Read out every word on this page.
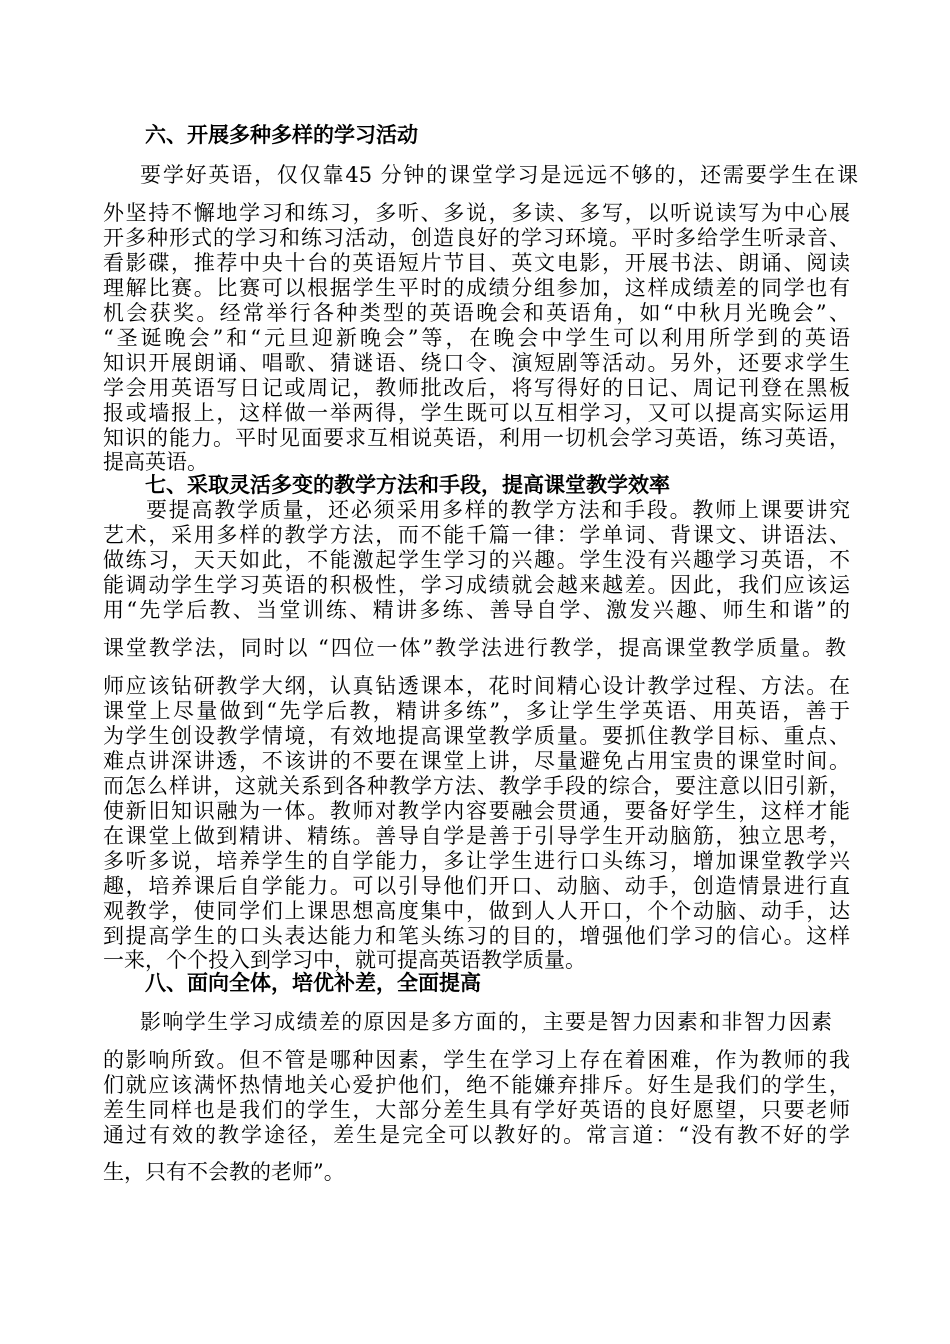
六、开展多种多样的学习活动
要学好英语，仅仅靠45 分钟的课堂学习是远远不够的，还需要学生在课
外坚持不懈地学习和练习，多听、多说，多读、多写，以听说读写为中心展
开多种形式的学习和练习活动，创造良好的学习环境。平时多给学生听录音、
看影碟，推荐中央十台的英语短片节目、英文电影，开展书法、朗诵、阅读
理解比赛。比赛可以根据学生平时的成绩分组参加，这样成绩差的同学也有
机会获奖。经常举行各种类型的英语晚会和英语角，如“中秋月光晚会”、
“圣诞晚会”和“元旦迎新晚会”等，在晚会中学生可以利用所学到的英语
知识开展朗诵、唱歌、猜谜语、绕口令、演短剧等活动。另外，还要求学生
学会用英语写日记或周记，教师批改后，将写得好的日记、周记刊登在黑板
报或墙报上，这样做一举两得，学生既可以互相学习，又可以提高实际运用
知识的能力。平时见面要求互相说英语，利用一切机会学习英语，练习英语，
提高英语。
七、采取灵活多变的教学方法和手段，提高课堂教学效率
要提高教学质量，还必须采用多样的教学方法和手段。教师上课要讲究
艺术，采用多样的教学方法，而不能千篇一律：学单词、背课文、讲语法、
做练习，天天如此，不能激起学生学习的兴趣。学生没有兴趣学习英语，不
能调动学生学习英语的积极性，学习成绩就会越来越差。因此，我们应该运
用“先学后教、当堂训练、精讲多练、善导自学、激发兴趣、师生和谐”的
课堂教学法，同时以 “四位一体”教学法进行教学，提高课堂教学质量。教
师应该钻研教学大纲，认真钻透课本，花时间精心设计教学过程、方法。在
课堂上尽量做到“先学后教，精讲多练”，多让学生学英语、用英语，善于
为学生创设教学情境，有效地提高课堂教学质量。要抓住教学目标、重点、
难点讲深讲透，不该讲的不要在课堂上讲，尽量避免占用宝贵的课堂时间。
而怎么样讲，这就关系到各种教学方法、教学手段的综合，要注意以旧引新，
使新旧知识融为一体。教师对教学内容要融会贯通，要备好学生，这样才能
在课堂上做到精讲、精练。善导自学是善于引导学生开动脑筋，独立思考，
多听多说，培养学生的自学能力，多让学生进行口头练习，增加课堂教学兴
趣，培养课后自学能力。可以引导他们开口、动脑、动手，创造情景进行直
观教学，使同学们上课思想高度集中，做到人人开口，个个动脑、动手，达
到提高学生的口头表达能力和笔头练习的目的，增强他们学习的信心。这样
一来，个个投入到学习中，就可提高英语教学质量。
八、面向全体，培优补差，全面提高
影响学生学习成绩差的原因是多方面的，主要是智力因素和非智力因素
的影响所致。但不管是哪种因素，学生在学习上存在着困难，作为教师的我
们就应该满怀热情地关心爱护他们，绝不能嫌弃排斥。好生是我们的学生，
差生同样也是我们的学生，大部分差生具有学好英语的良好愿望，只要老师
通过有效的教学途径，差生是完全可以教好的。常言道：“没有教不好的学
生，只有不会教的老师”。
